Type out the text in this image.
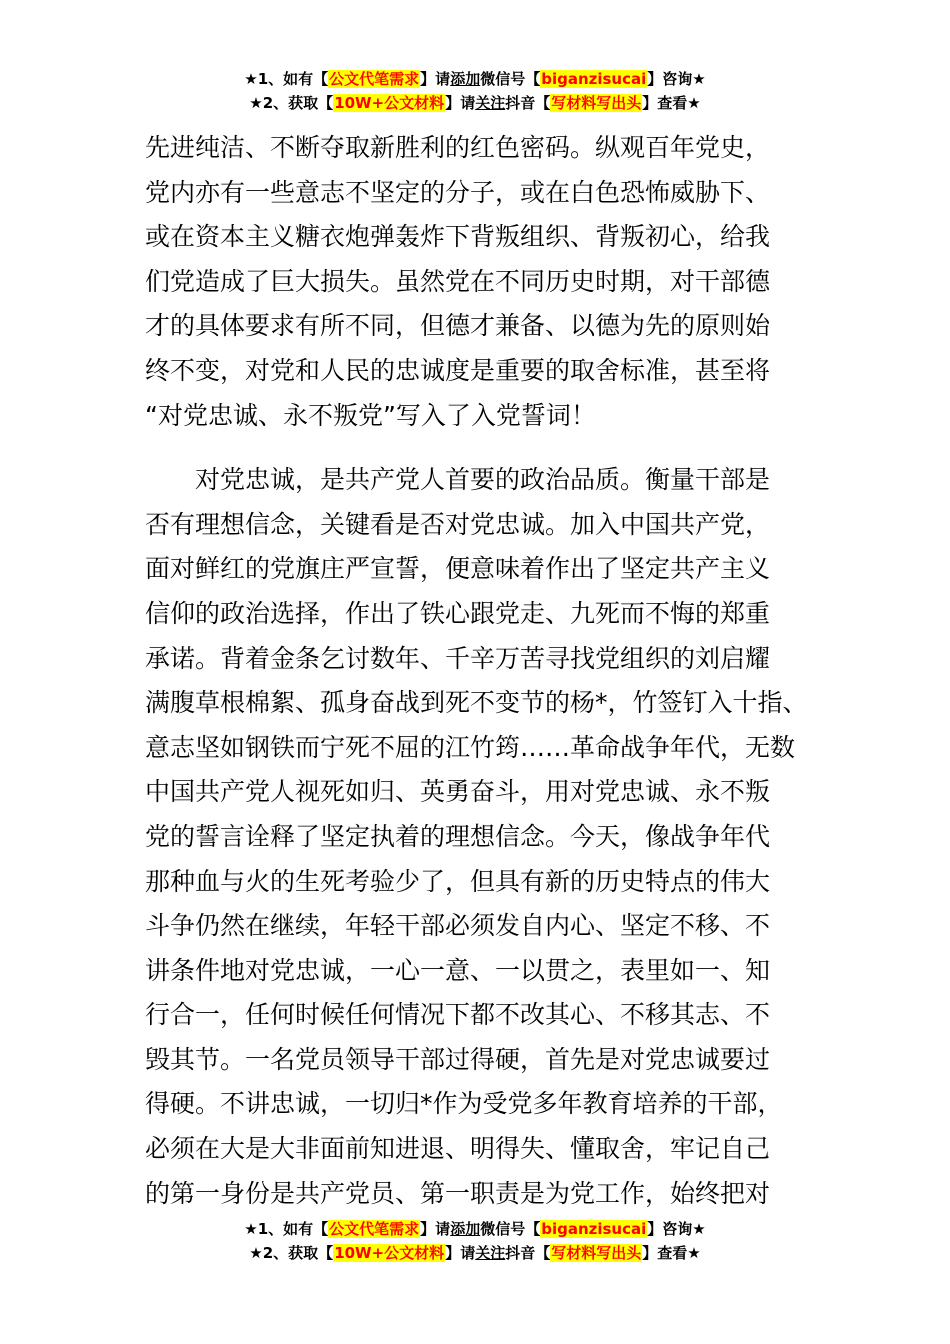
★1、如有【公文代笔需求】请添加微信号【biganzisucai】咨询★
★2、获取【10W+公文材料】请关注抖音【写材料写出头】查看★
先进纯洁、不断夺取新胜利的红色密码。纵观百年党史，
党内亦有一些意志不坚定的分子，或在白色恐怖威胁下、
或在资本主义糖衣炮弹轰炸下背叛组织、背叛初心，给我
们党造成了巨大损失。虽然党在不同历史时期，对干部德
才的具体要求有所不同，但德才兼备、以德为先的原则始
终不变，对党和人民的忠诚度是重要的取舍标准，甚至将
“对党忠诚、永不叛党”写入了入党誓词！
　　对党忠诚，是共产党人首要的政治品质。衡量干部是
否有理想信念，关键看是否对党忠诚。加入中国共产党，
面对鲜红的党旗庄严宣誓，便意味着作出了坚定共产主义
信仰的政治选择，作出了铁心跟党走、九死而不悔的郑重
承诺。背着金条乞讨数年、千辛万苦寻找党组织的刘启耀
满腹草根棉絮、孤身奋战到死不变节的杨*，竹签钉入十指、
意志坚如钢铁而宁死不屈的江竹筠……革命战争年代，无数
中国共产党人视死如归、英勇奋斗，用对党忠诚、永不叛
党的誓言诠释了坚定执着的理想信念。今天，像战争年代
那种血与火的生死考验少了，但具有新的历史特点的伟大
斗争仍然在继续，年轻干部必须发自内心、坚定不移、不
讲条件地对党忠诚，一心一意、一以贯之，表里如一、知
行合一，任何时候任何情况下都不改其心、不移其志、不
毁其节。一名党员领导干部过得硬，首先是对党忠诚要过
得硬。不讲忠诚，一切归*作为受党多年教育培养的干部，
必须在大是大非面前知进退、明得失、懂取舍，牢记自己
的第一身份是共产党员、第一职责是为党工作，始终把对
★1、如有【公文代笔需求】请添加微信号【biganzisucai】咨询★
★2、获取【10W+公文材料】请关注抖音【写材料写出头】查看★
